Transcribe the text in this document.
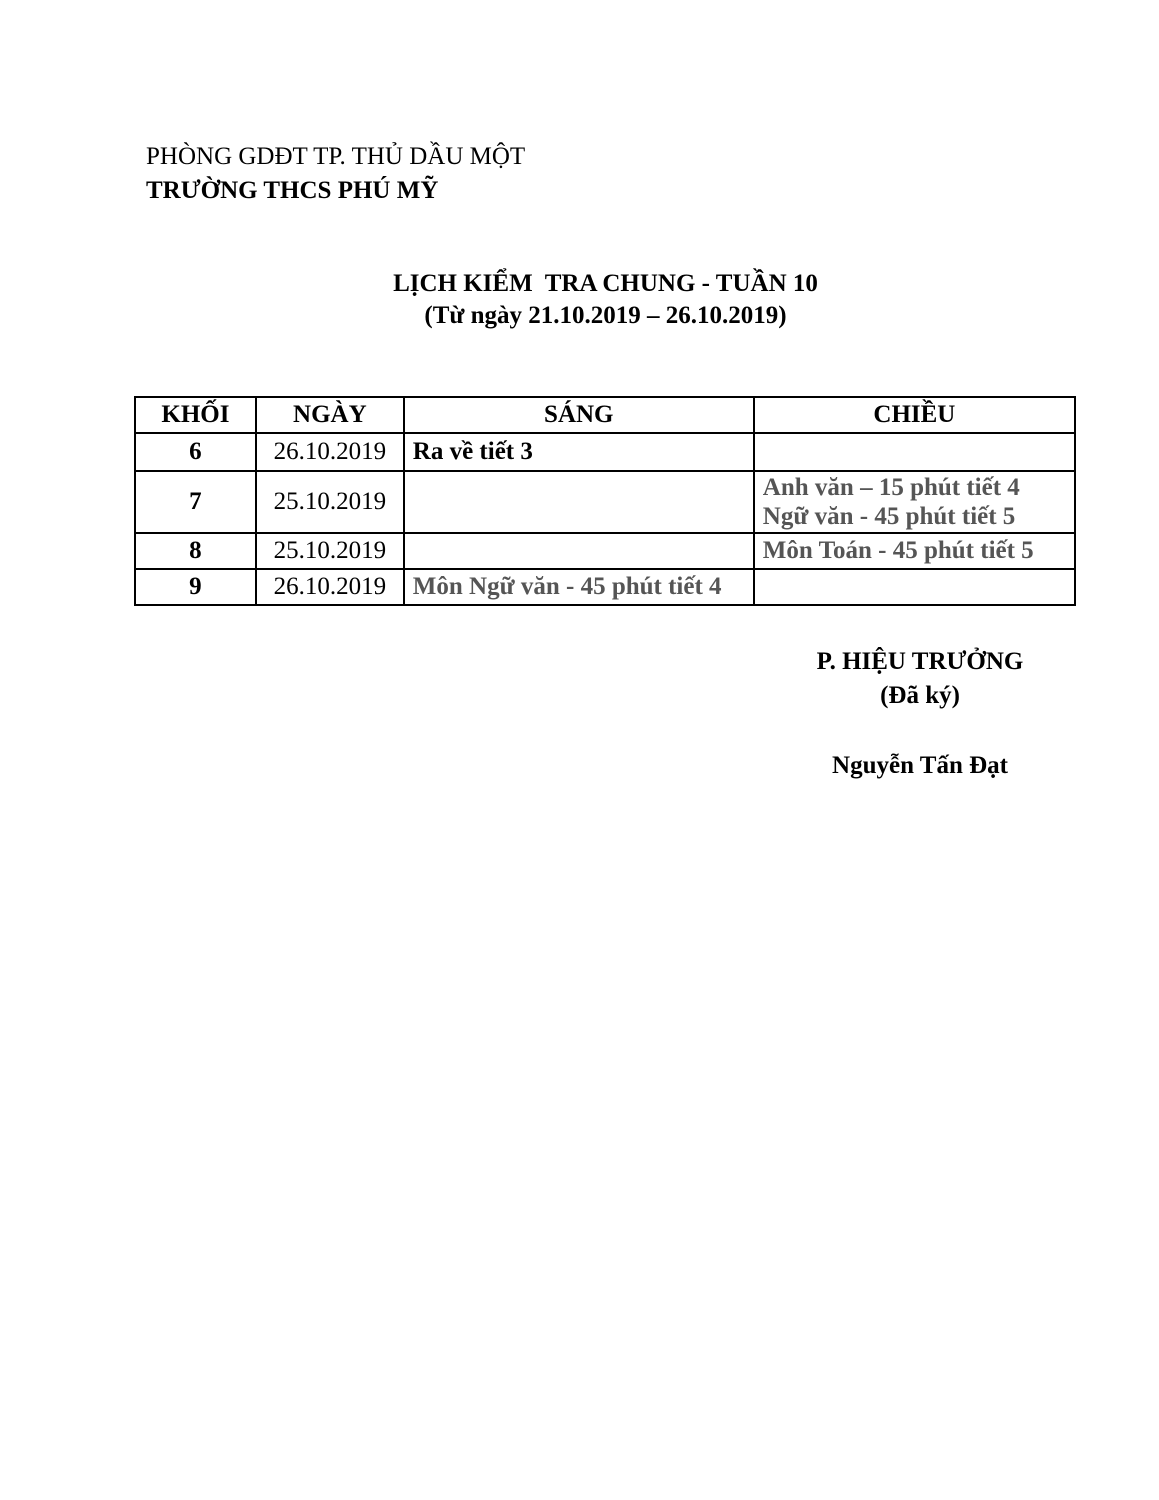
PHÒNG GDĐT TP. THỦ DẦU MỘT
TRƯỜNG THCS PHÚ MỸ
LỊCH KIỂM  TRA CHUNG - TUẦN 10
(Từ ngày 21.10.2019 – 26.10.2019)
KHỐI	NGÀY	SÁNG	CHIỀU
6	26.10.2019	Ra về tiết 3	
7	25.10.2019		Anh văn – 15 phút tiết 4
Ngữ văn - 45 phút tiết 5

8	25.10.2019		Môn Toán - 45 phút tiết 5
9	26.10.2019	Môn Ngữ văn - 45 phút tiết 4	
P. HIỆU TRƯỞNG
(Đã ký)
Nguyễn Tấn Đạt
